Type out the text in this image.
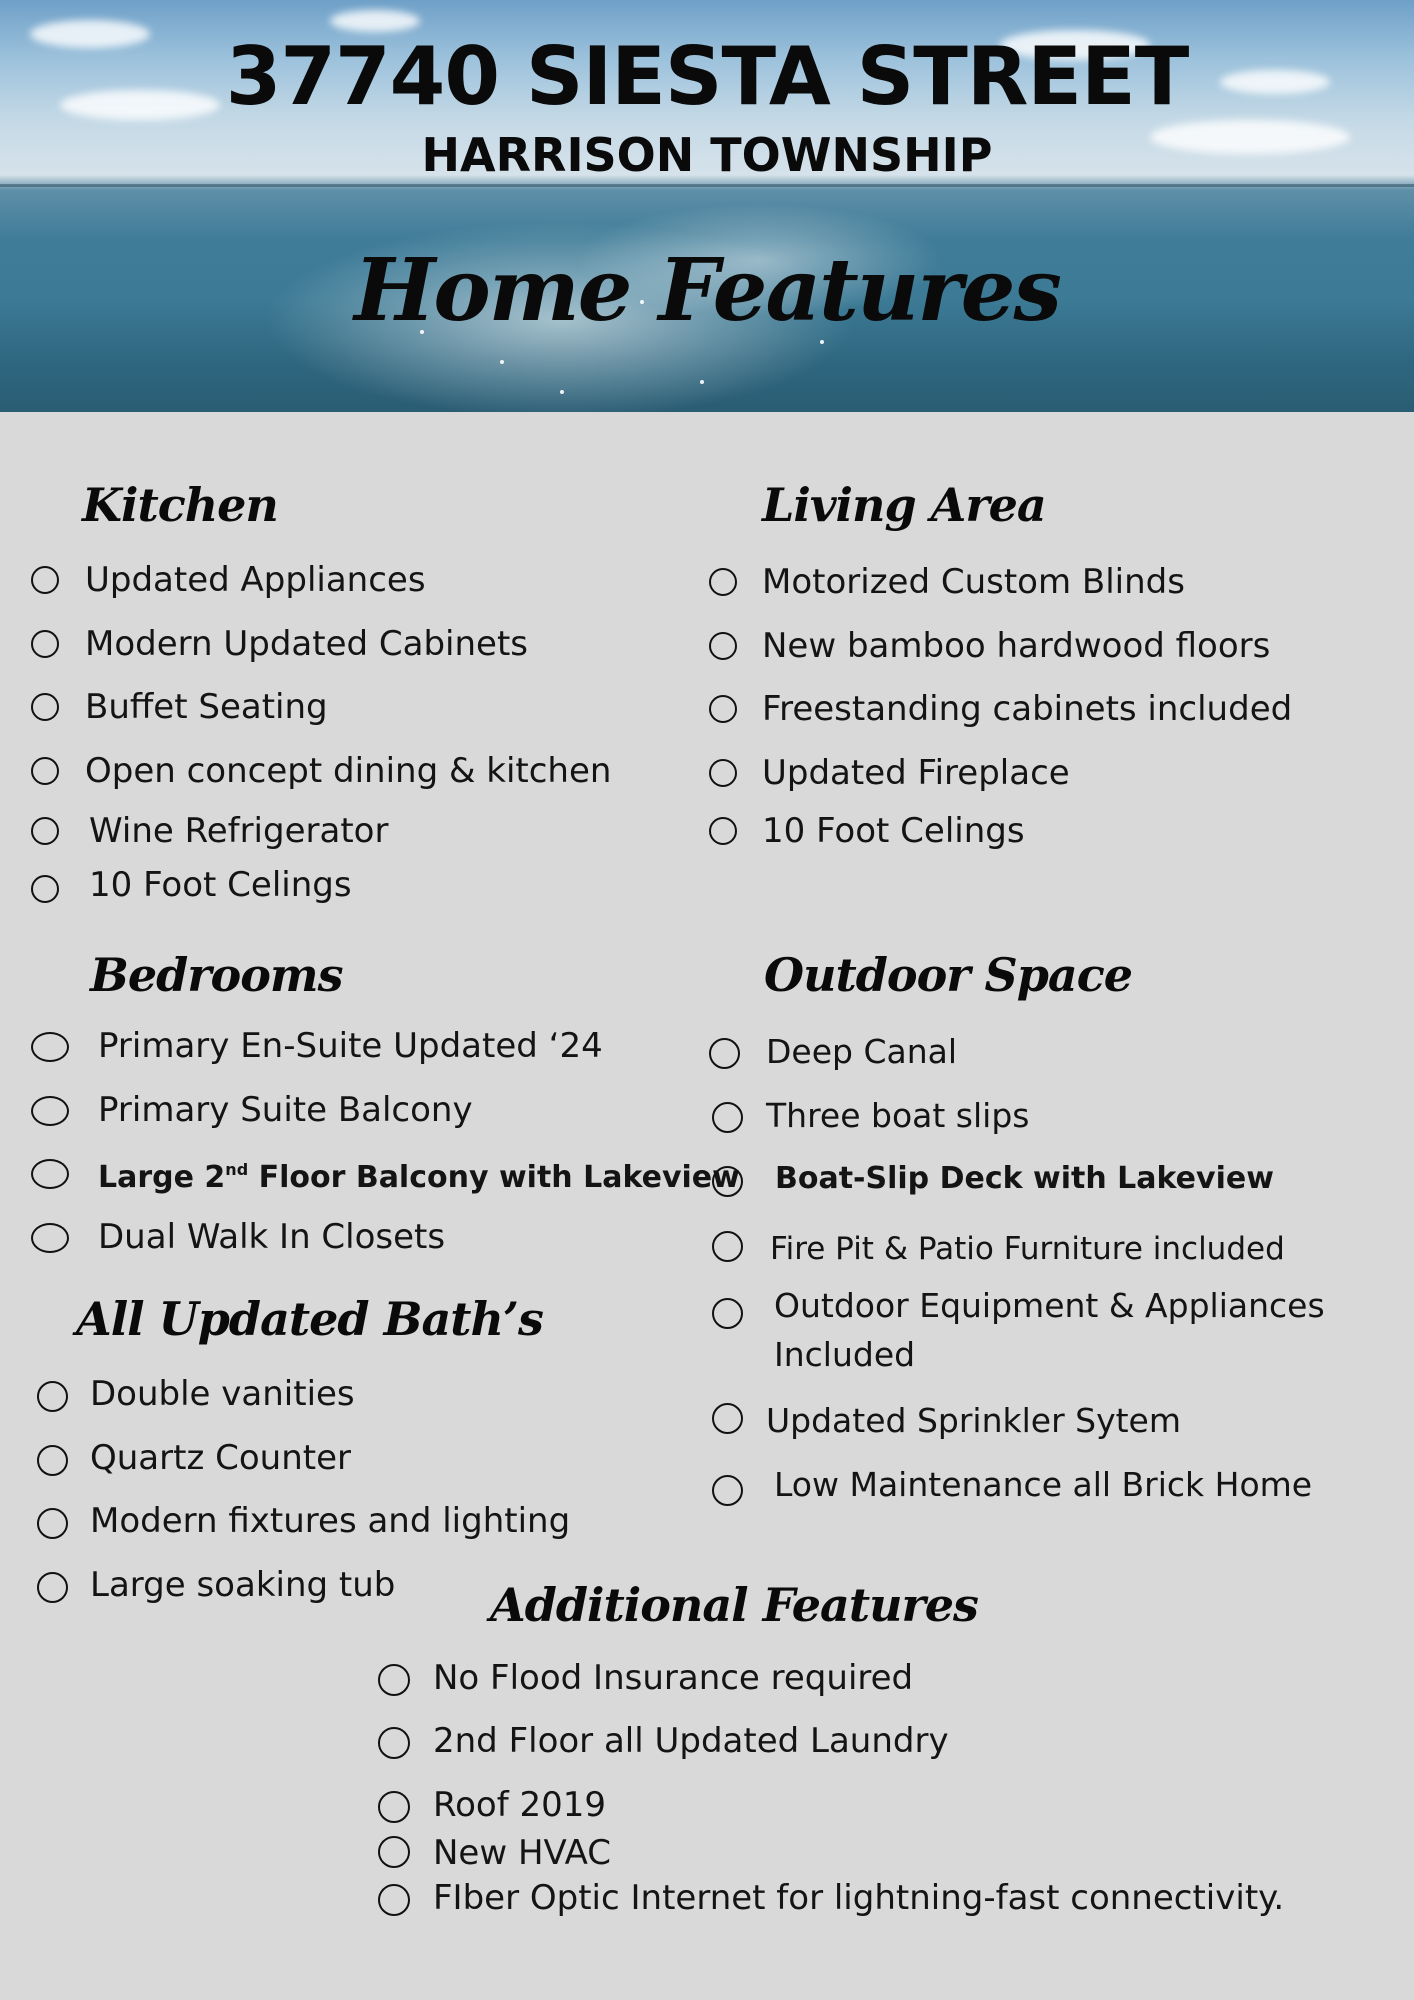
37740 SIESTA STREET
HARRISON TOWNSHIP
Home Features
Kitchen
Updated Appliances
Modern Updated Cabinets
Buffet Seating
Open concept dining & kitchen
Wine Refrigerator
10 Foot Celings
Living Area
Motorized Custom Blinds
New bamboo hardwood floors
Freestanding cabinets included
Updated Fireplace
10 Foot Celings
Bedrooms
Primary En-Suite Updated ‘24
Primary Suite Balcony
Large 2nd Floor Balcony with Lakeview
Dual Walk In Closets
Outdoor Space
Deep Canal
Three boat slips
Boat-Slip Deck with Lakeview
Fire Pit & Patio Furniture included
Outdoor Equipment & Appliances
Included
Updated Sprinkler Sytem
Low Maintenance all Brick Home
All Updated Bath’s
Double vanities
Quartz Counter
Modern fixtures and lighting
Large soaking tub Additional Features
No Flood Insurance required
2nd Floor all Updated Laundry
Roof 2019
New HVAC
FIber Optic Internet for lightning-fast connectivity.
